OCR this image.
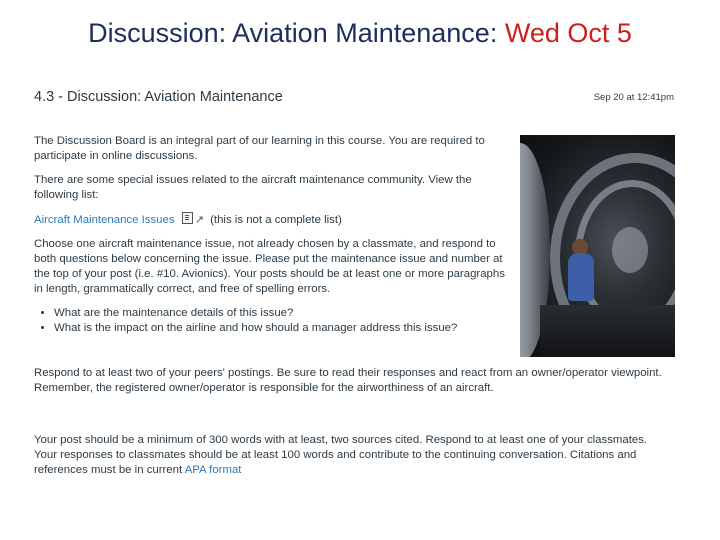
Discussion: Aviation Maintenance: Wed Oct 5
4.3 - Discussion: Aviation Maintenance	Sep 20 at 12:41pm

The Discussion Board is an integral part of our learning in this course. You are required to participate in online discussions.

There are some special issues related to the aircraft maintenance community. View the following list:

Aircraft Maintenance Issues ↗ (this is not a complete list)

Choose one aircraft maintenance issue, not already chosen by a classmate, and respond to both questions below concerning the issue. Please put the maintenance issue and number at the top of your post (i.e. #10. Avionics). Your posts should be at least one or more paragraphs in length, grammatically correct, and free of spelling errors.

• What are the maintenance details of this issue?
• What is the impact on the airline and how should a manager address this issue?

Respond to at least two of your peers' postings. Be sure to read their responses and react from an owner/operator viewpoint.

Remember, the registered owner/operator is responsible for the airworthiness of an aircraft.

Your post should be a minimum of 300 words with at least, two sources cited. Respond to at least one of your classmates.

Your responses to classmates should be at least 100 words and contribute to the continuing conversation. Citations and

references must be in current APA format
